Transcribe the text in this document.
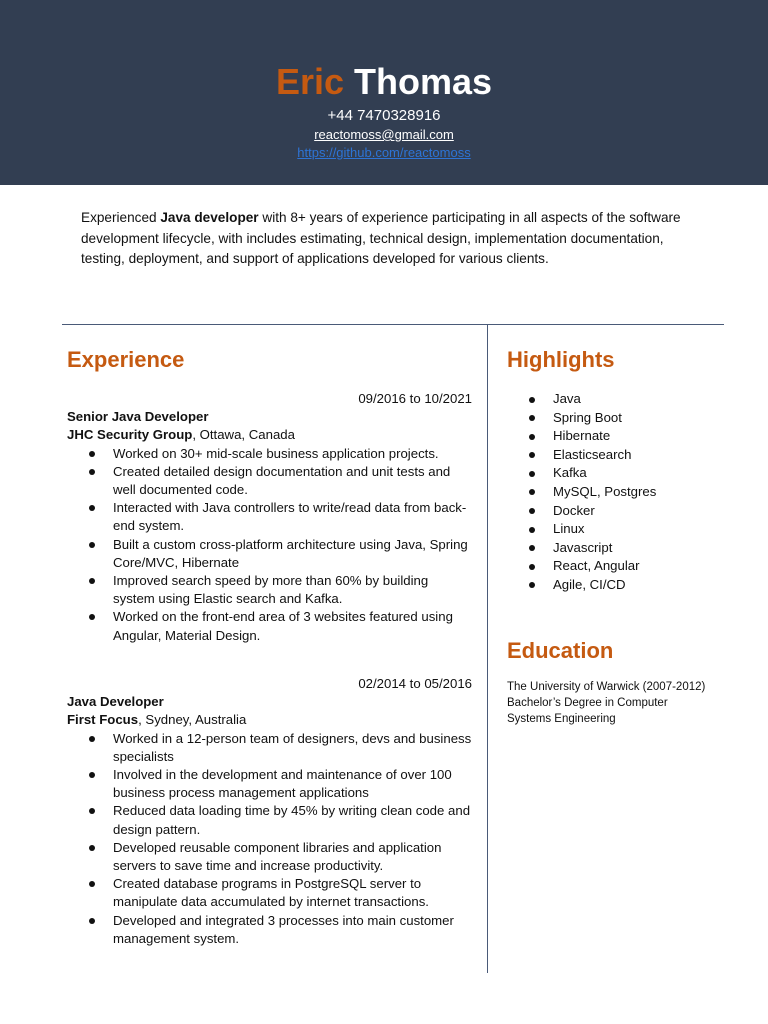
Eric Thomas
+44 7470328916
reactomoss@gmail.com
https://github.com/reactomoss
Experienced Java developer with 8+ years of experience participating in all aspects of the software development lifecycle, with includes estimating, technical design, implementation documentation, testing, deployment, and support of applications developed for various clients.
Experience	Highlights
Education
09/2016 to 10/2021
Senior Java Developer
JHC Security Group, Ottawa, Canada
Worked on 30+ mid-scale business application projects.
Created detailed design documentation and unit tests and well documented code.
Interacted with Java controllers to write/read data from back-end system.
Built a custom cross-platform architecture using Java, Spring Core/MVC, Hibernate
Improved search speed by more than 60% by building system using Elastic search and Kafka.
Worked on the front-end area of 3 websites featured using Angular, Material Design.
02/2014 to 05/2016
Java Developer
First Focus, Sydney, Australia
Worked in a 12-person team of designers, devs and business specialists
Involved in the development and maintenance of over 100 business process management applications
Reduced data loading time by 45% by writing clean code and design pattern.
Developed reusable component libraries and application servers to save time and increase productivity.
Created database programs in PostgreSQL server to manipulate data accumulated by internet transactions.
Developed and integrated 3 processes into main customer management system.
Java
Spring Boot
Hibernate
Elasticsearch
Kafka
MySQL, Postgres
Docker
Linux
Javascript
React, Angular
Agile, CI/CD
The University of Warwick (2007-2012)
Bachelor’s Degree in Computer
Systems Engineering
